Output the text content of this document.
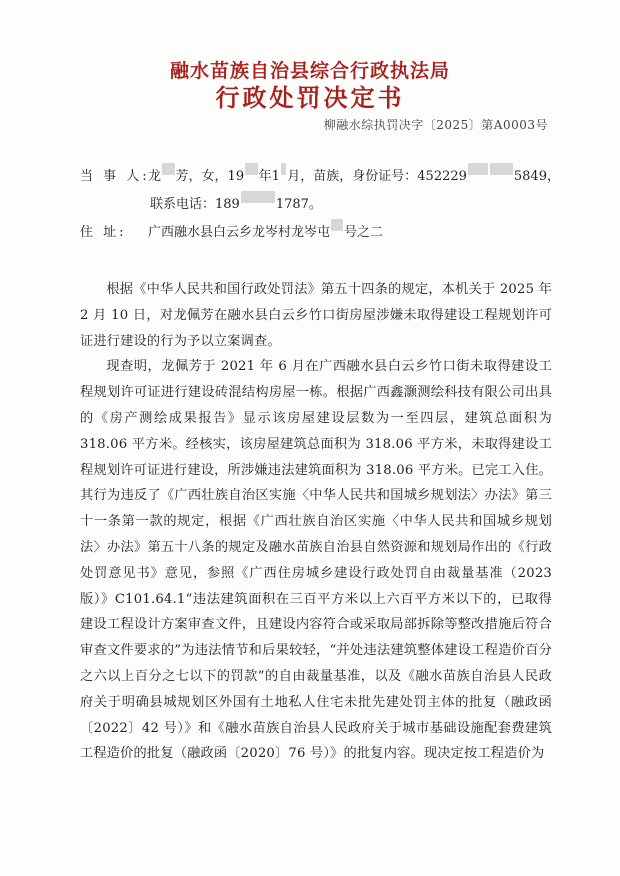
融水苗族自治县综合行政执法局
行政处罚决定书
柳融水综执罚决字〔2025〕第A0003号
当 事 人:
龙 芳，女，19 年1 月，苗族，身份证号：452229	5849 ，
联系电话：189	1787 。
住 址:	广西融水县白云乡龙岑村龙岑屯 号之二

根据《中华人民共和国行政处罚法》第五十四条的规定，本机关于 2025 年 2 月 10 日，对龙佩芳在融水县白云乡竹口街房屋涉嫌未取得建设工程规划许可证进行建设的行为予以立案调查。

现查明，龙佩芳于 2021 年 6 月在广西融水县白云乡竹口街未取得建设工程规划许可证进行建设砖混结构房屋一栋。根据广西鑫灏测绘科技有限公司出具的《房产测绘成果报告》显示该房屋建设层数为一至四层，建筑总面积为 318.06 平方米。经核实，该房屋建筑总面积为 318.06 平方米，未取得建设工程规划许可证进行建设，所涉嫌违法建筑面积为 318.06 平方米。已完工入住。其行为违反了《广西壮族自治区实施〈中华人民共和国城乡规划法〉办法》第三十一条第一款的规定，根据《广西壮族自治区实施〈中华人民共和国城乡规划法〉办法》第五十八条的规定及融水苗族自治县自然资源和规划局作出的《行政处罚意见书》意见，参照《广西住房城乡建设行政处罚自由裁量基准（2023 版）》C101.64.1“违法建筑面积在三百平方米以上六百平方米以下的，已取得建设工程设计方案审查文件，且建设内容符合或采取局部拆除等整改措施后符合审查文件要求的”为违法情节和后果较轻，“并处违法建筑整体建设工程造价百分之六以上百分之七以下的罚款”的自由裁量基准，以及《融水苗族自治县人民政府关于明确县城规划区外国有土地私人住宅未批先建处罚主体的批复（融政函〔2022〕42 号）》和《融水苗族自治县人民政府关于城市基础设施配套费建筑工程造价的批复（融政函〔2020〕76 号）》的批复内容。现决定按工程造价为
